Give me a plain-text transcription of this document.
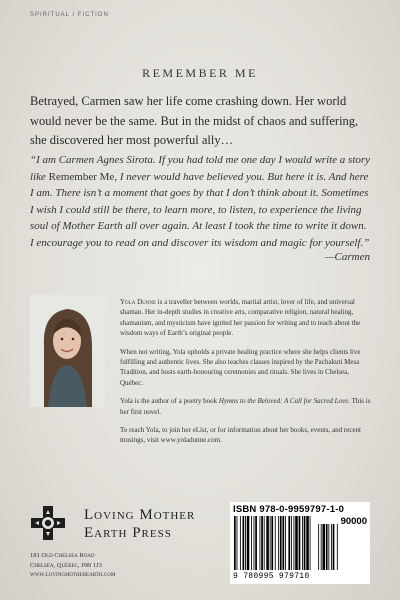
SPIRITUAL / FICTION
REMEMBER ME

Betrayed, Carmen saw her life come crashing down. Her world would never be the same. But in the midst of chaos and suffering, she discovered her most powerful ally…

“I am Carmen Agnes Sirota. If you had told me one day I would write a story like Remember Me, I never would have believed you. But here it is. And here I am. There isn’t a moment that goes by that I don’t think about it. Sometimes I wish I could still be there, to learn more, to listen, to experience the living soul of Mother Earth all over again. At least I took the time to write it down. I encourage you to read on and discover its wisdom and magic for yourself.”

—Carmen

Yola Dunne is a traveller between worlds, martial artist, lover of life, and universal shaman. Her in-depth studies in creative arts, comparative religion, natural healing, shamanism, and mysticism have ignited her passion for writing and to teach about the wisdom ways of Earth’s original people.

When not writing, Yola upholds a private healing practice where she helps clients live fulfilling and authentic lives. She also teaches classes inspired by the Pachakuti Mesa Tradition, and hosts earth-honouring ceremonies and rituals. She lives in Chelsea, Québec.

Yola is the author of a poetry book Hymns to the Beloved: A Call for Sacred Love. This is her first novel.

To reach Yola, to join her eList, or for information about her books, events, and recent musings, visit www.yoladunne.com.

Loving Mother
Earth Press
181 Old Chelsea Road
Chelsea, Québec, J9B 1J3
www.lovingmotherearth.com
ISBN 978-0-9959797-1-0
90000
9 780995 979710
